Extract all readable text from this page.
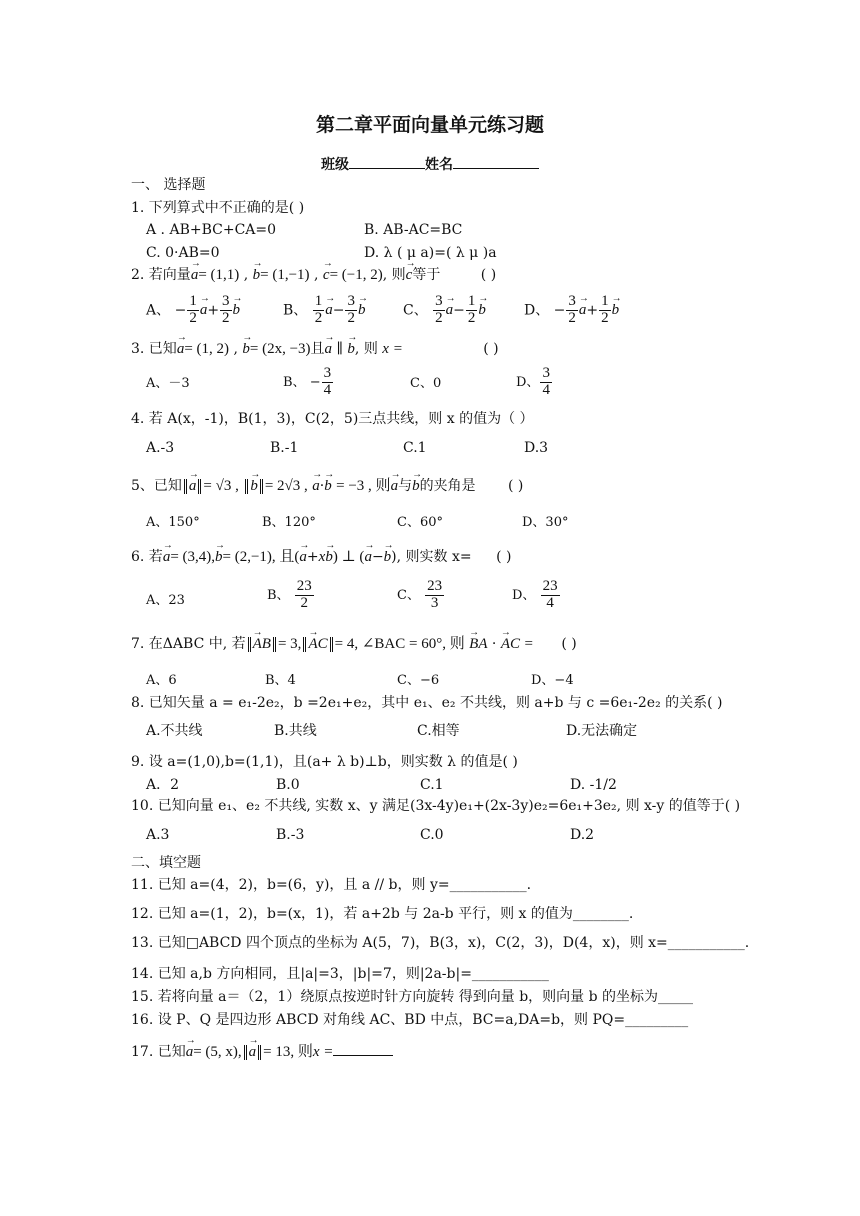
第二章平面向量单元练习题
班级	姓名
一、 选择题
1. 下列算式中不正确的是( )
A . AB+BC+CA=0	B. AB-AC=BC
C. 0·AB=0	D. λ ( μ a)=( λ μ )a
2. 若向量→ a= (1,1) , → b= (1,−1) , → c= (−1, 2), 则→ c等于	( )
A、 − $\frac{1}{2}$
→ $a+ \frac{3}{2}$
→ b	B、 $\frac{1}{2}$
→ $a- \frac{3}{2}$
→ b	C、 $\frac{3}{2}$
→ $a- \frac{1}{2}$
→ b	D、 − $\frac{3}{2}$
→ $a+ \frac{1}{2}$
→ b
3. 已知→ a= (1, 2) , → b= (2x, −3)且→ a ∥ → b, 则 x =	( )
A、－3	B、 − $\frac{3}{4}$	C、0	D、 $\frac{3}{4}$
4. 若 A(x，-1)，B(1，3)，C(2，5)三点共线，则 x 的值为（ ）
A.-3	B.-1	C.1	D.3
5、已知→ a = √3 , → b = 2√3 , → a·→ b = −3 , 则→ a与→ b的夹角是 ( )
A、150°	B、120°	C、60°	D、30°
6. 若→ a= (3,4),→ b= (2,−1), 且(→ a+x→ b) ⊥ (→ a−→ b), 则实数 x= ( )
A、23	B、 $\frac{23}{2}$	C、 $\frac{23}{3}$	D、 $\frac{23}{4}$
7. 在ΔABC 中, 若→ AB = 3,→ AC = 4, ∠BAC = 60°, 则 → BA · → AC = ( )
A、6	B、4	C、−6	D、−4
8. 已知矢量 a = e₁-2e₂，b =2e₁+e₂，其中 e₁、e₂ 不共线，则 a+b 与 c =6e₁-2e₂ 的关系( )
A.不共线	B.共线	C.相等	D.无法确定
9. 设 a=(1,0),b=(1,1)，且(a+ λ b)⊥b，则实数 λ 的值是( )
A．2	B.0	C.1	D. -1/2
10. 已知向量 e₁、e₂ 不共线, 实数 x、y 满足(3x-4y)e₁+(2x-3y)e₂=6e₁+3e₂, 则 x-y 的值等于( )
A.3	B.-3	C.0	D.2
二、填空题
11. 已知 a=(4，2)，b=(6，y)，且 a // b，则 y=___________.
12. 已知 a=(1，2)，b=(x，1)，若 a+2b 与 2a-b 平行，则 x 的值为________.
13. 已知□ABCD 四个顶点的坐标为 A(5，7)，B(3，x)，C(2，3)，D(4，x)，则 x=___________.
14. 已知 a,b 方向相同，且|a|=3，|b|=7，则|2a-b|=___________
15. 若将向量 a＝（2，1）绕原点按逆时针方向旋转 得到向量 b，则向量 b 的坐标为_____
16. 设 P、Q 是四边形 ABCD 对角线 AC、BD 中点，BC=a,DA=b，则 PQ=_________
17. 已知→ a= (5, x),→ a = 13, 则x =
